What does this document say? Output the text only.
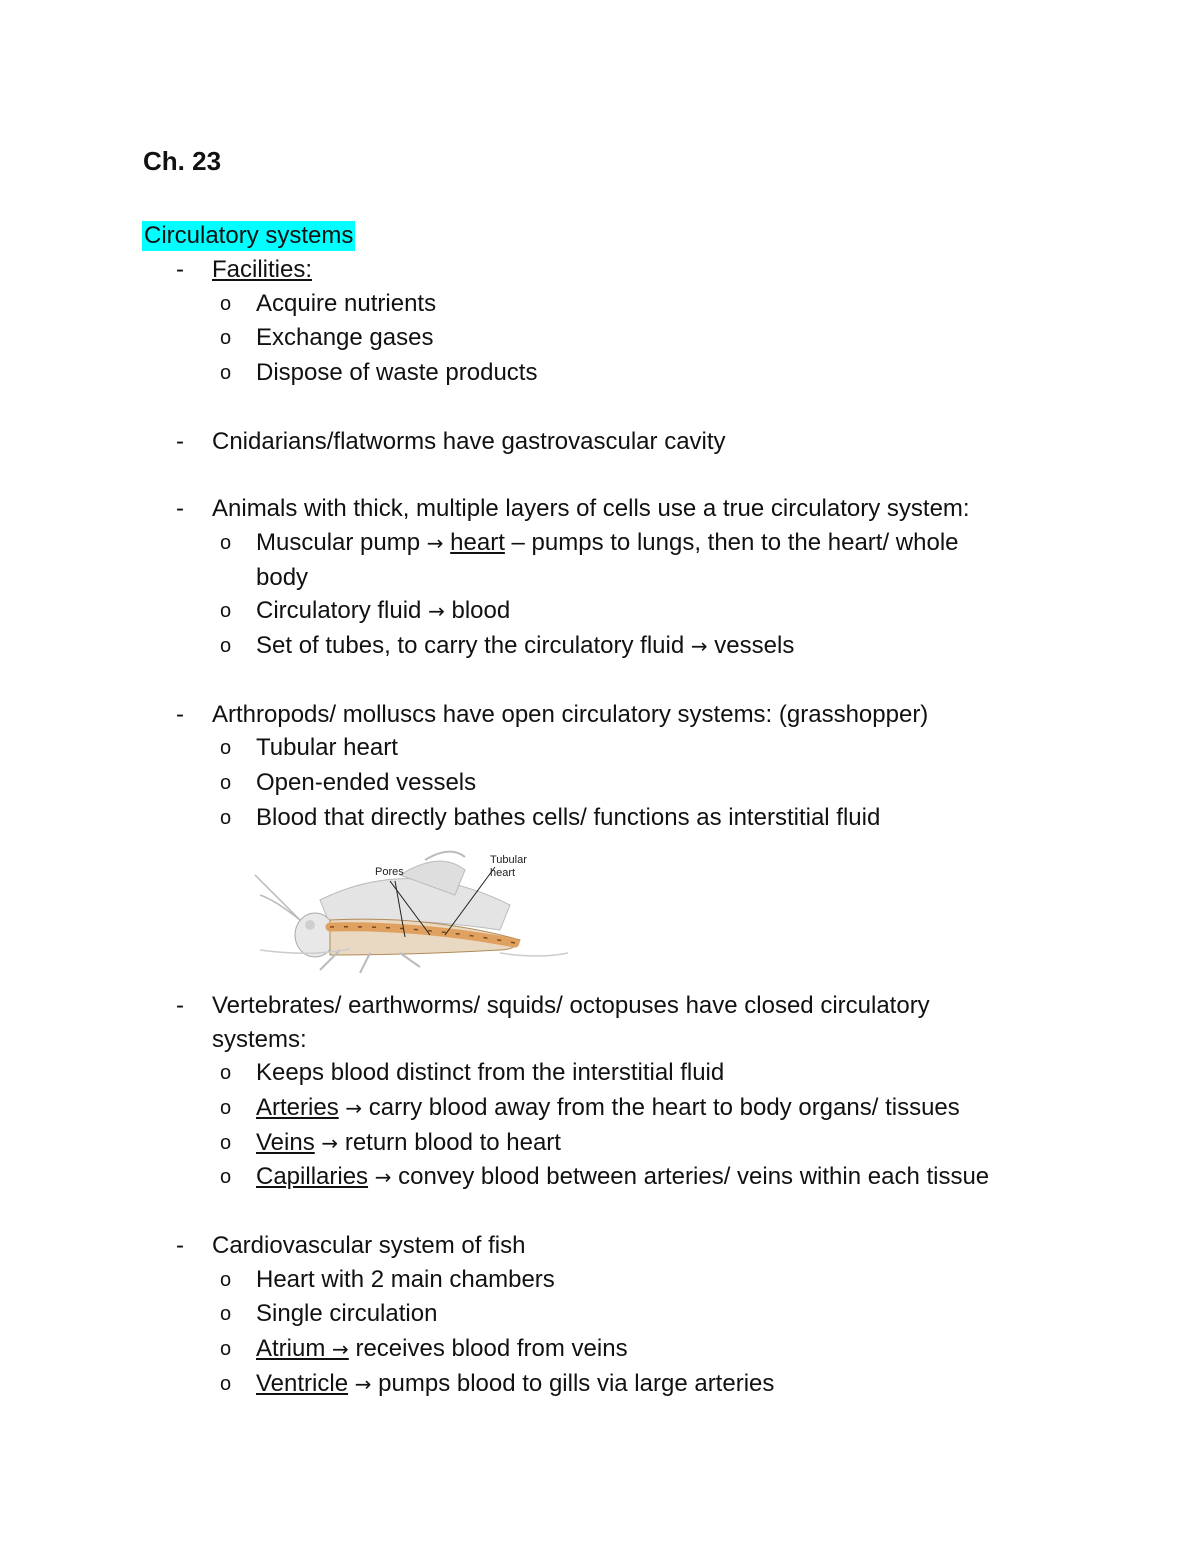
Ch. 23
Circulatory systems
- Facilities:
o Acquire nutrients
o Exchange gases
o Dispose of waste products
- Cnidarians/flatworms have gastrovascular cavity
- Animals with thick, multiple layers of cells use a true circulatory system:
o Muscular pump → heart – pumps to lungs, then to the heart/ whole
body
o Circulatory fluid → blood
o Set of tubes, to carry the circulatory fluid → vessels
- Arthropods/ molluscs have open circulatory systems: (grasshopper)
o Tubular heart
o Open-ended vessels
o Blood that directly bathes cells/ functions as interstitial fluid
Pores
Tubular
heart
- Vertebrates/ earthworms/ squids/ octopuses have closed circulatory
systems:
o Keeps blood distinct from the interstitial fluid
o Arteries → carry blood away from the heart to body organs/ tissues
o Veins → return blood to heart
o Capillaries → convey blood between arteries/ veins within each tissue
- Cardiovascular system of fish
o Heart with 2 main chambers
o Single circulation
o Atrium → receives blood from veins
o Ventricle → pumps blood to gills via large arteries
